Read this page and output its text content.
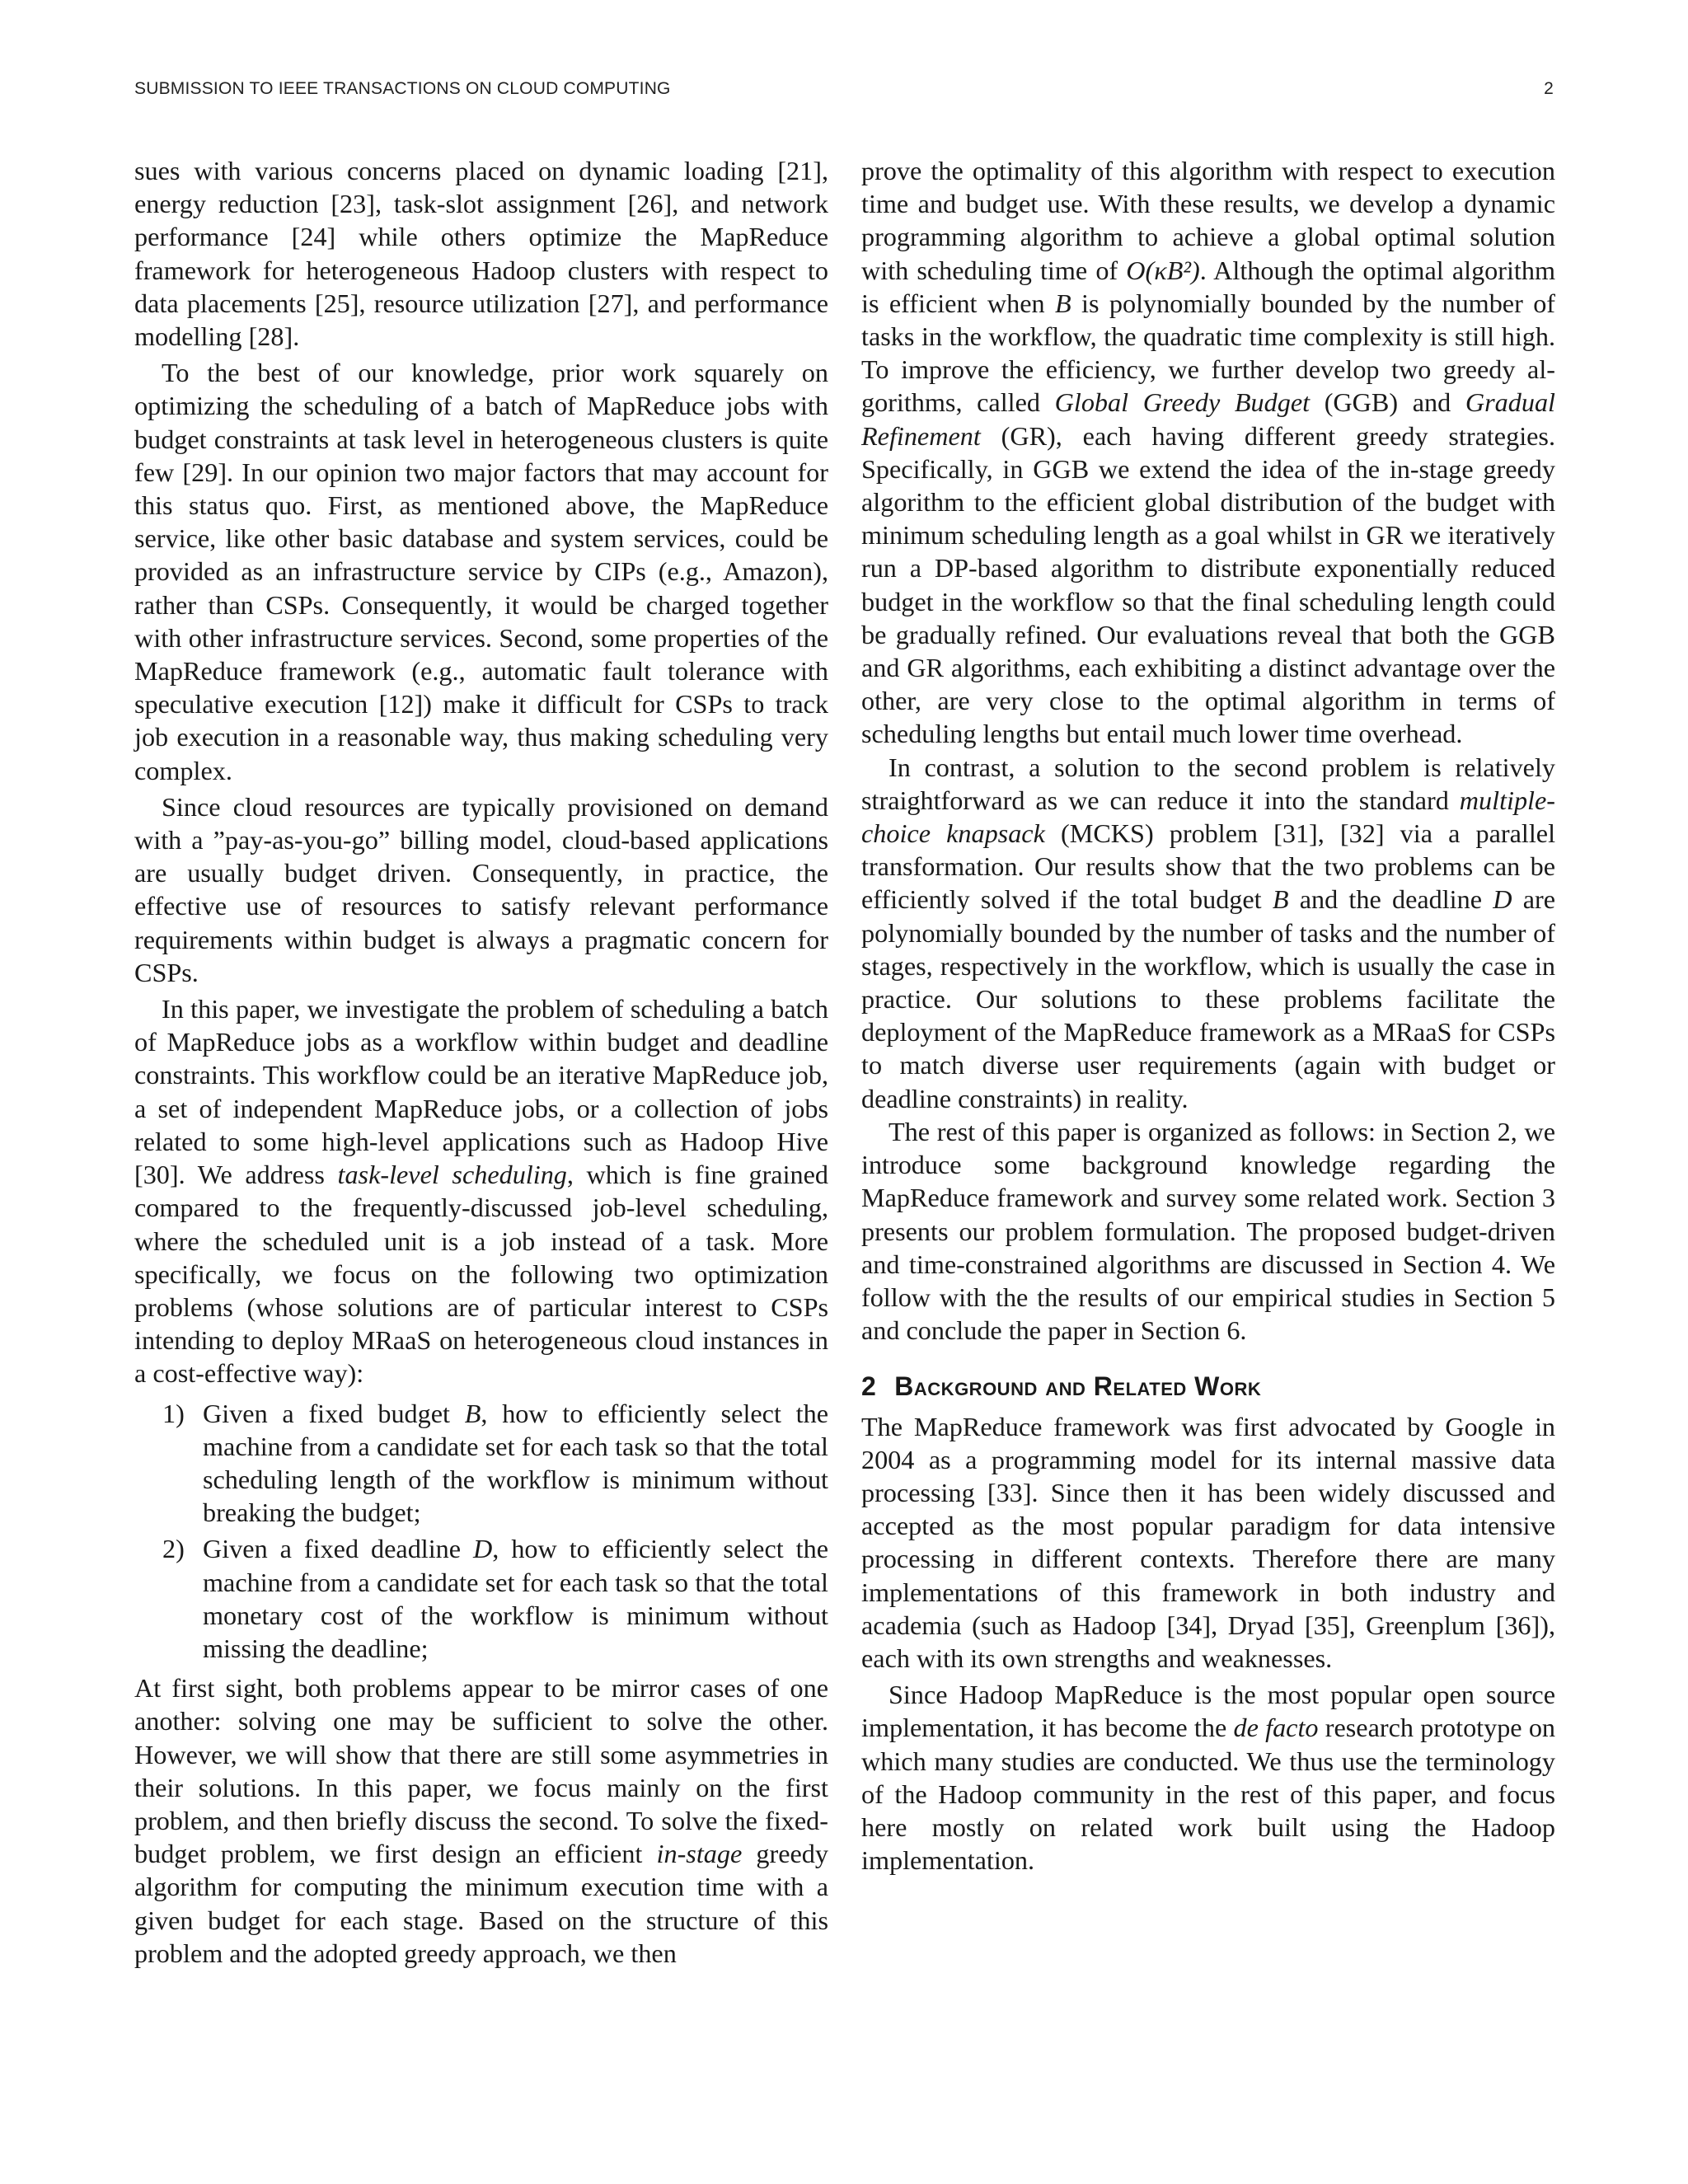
SUBMISSION TO IEEE TRANSACTIONS ON CLOUD COMPUTING	2

sues with various concerns placed on dynamic loading [21], energy reduction [23], task-slot assignment [26], and network performance [24] while others optimize the MapReduce framework for heterogeneous Hadoop clusters with respect to data placements [25], resource utilization [27], and performance modelling [28].

To the best of our knowledge, prior work squarely on optimizing the scheduling of a batch of MapReduce jobs with budget constraints at task level in heterogeneous clusters is quite few [29]. In our opinion two major factors that may account for this status quo. First, as mentioned above, the MapReduce service, like other basic database and system services, could be provided as an infrastructure service by CIPs (e.g., Amazon), rather than CSPs. Consequently, it would be charged together with other infrastructure services. Second, some properties of the MapReduce framework (e.g., automatic fault tolerance with speculative execution [12]) make it difficult for CSPs to track job execution in a reasonable way, thus making scheduling very complex.

Since cloud resources are typically provisioned on demand with a ”pay-as-you-go” billing model, cloud-based applications are usually budget driven. Consequently, in practice, the effective use of resources to satisfy relevant performance requirements within budget is always a pragmatic concern for CSPs.

In this paper, we investigate the problem of scheduling a batch of MapReduce jobs as a workflow within budget and deadline constraints. This workflow could be an iterative MapReduce job, a set of independent MapReduce jobs, or a collection of jobs related to some high-level applications such as Hadoop Hive [30]. We address task-level scheduling, which is fine grained compared to the frequently-discussed job-level scheduling, where the scheduled unit is a job instead of a task. More specifically, we focus on the following two optimization problems (whose solutions are of particular interest to CSPs intending to deploy MRaaS on heterogeneous cloud instances in a cost-effective way):

1) Given a fixed budget B, how to efficiently select the machine from a candidate set for each task so that the total scheduling length of the workflow is minimum without breaking the budget;
2) Given a fixed deadline D, how to efficiently select the machine from a candidate set for each task so that the total monetary cost of the workflow is minimum without missing the deadline;

At first sight, both problems appear to be mirror cases of one another: solving one may be sufficient to solve the other. However, we will show that there are still some asymmetries in their solutions. In this paper, we focus mainly on the first problem, and then briefly discuss the second. To solve the fixed-budget problem, we first design an efficient in-stage greedy algorithm for computing the minimum execution time with a given budget for each stage. Based on the structure of this problem and the adopted greedy approach, we then

prove the optimality of this algorithm with respect to execution time and budget use. With these results, we develop a dynamic programming algorithm to achieve a global optimal solution with scheduling time of O(κB²). Although the optimal algorithm is efficient when B is polynomially bounded by the number of tasks in the workflow, the quadratic time complexity is still high. To improve the efficiency, we further develop two greedy algorithms, called Global Greedy Budget (GGB) and Gradual Refinement (GR), each having different greedy strategies. Specifically, in GGB we extend the idea of the in-stage greedy algorithm to the efficient global distribution of the budget with minimum scheduling length as a goal whilst in GR we iteratively run a DP-based algorithm to distribute exponentially reduced budget in the workflow so that the final scheduling length could be gradually refined. Our evaluations reveal that both the GGB and GR algorithms, each exhibiting a distinct advantage over the other, are very close to the optimal algorithm in terms of scheduling lengths but entail much lower time overhead.

In contrast, a solution to the second problem is relatively straightforward as we can reduce it into the standard multiple-choice knapsack (MCKS) problem [31], [32] via a parallel transformation. Our results show that the two problems can be efficiently solved if the total budget B and the deadline D are polynomially bounded by the number of tasks and the number of stages, respectively in the workflow, which is usually the case in practice. Our solutions to these problems facilitate the deployment of the MapReduce framework as a MRaaS for CSPs to match diverse user requirements (again with budget or deadline constraints) in reality.

The rest of this paper is organized as follows: in Section 2, we introduce some background knowledge regarding the MapReduce framework and survey some related work. Section 3 presents our problem formulation. The proposed budget-driven and time-constrained algorithms are discussed in Section 4. We follow with the the results of our empirical studies in Section 5 and conclude the paper in Section 6.

2 Background and Related Work

The MapReduce framework was first advocated by Google in 2004 as a programming model for its internal massive data processing [33]. Since then it has been widely discussed and accepted as the most popular paradigm for data intensive processing in different contexts. Therefore there are many implementations of this framework in both industry and academia (such as Hadoop [34], Dryad [35], Greenplum [36]), each with its own strengths and weaknesses.

Since Hadoop MapReduce is the most popular open source implementation, it has become the de facto research prototype on which many studies are conducted. We thus use the terminology of the Hadoop community in the rest of this paper, and focus here mostly on related work built using the Hadoop implementation.
